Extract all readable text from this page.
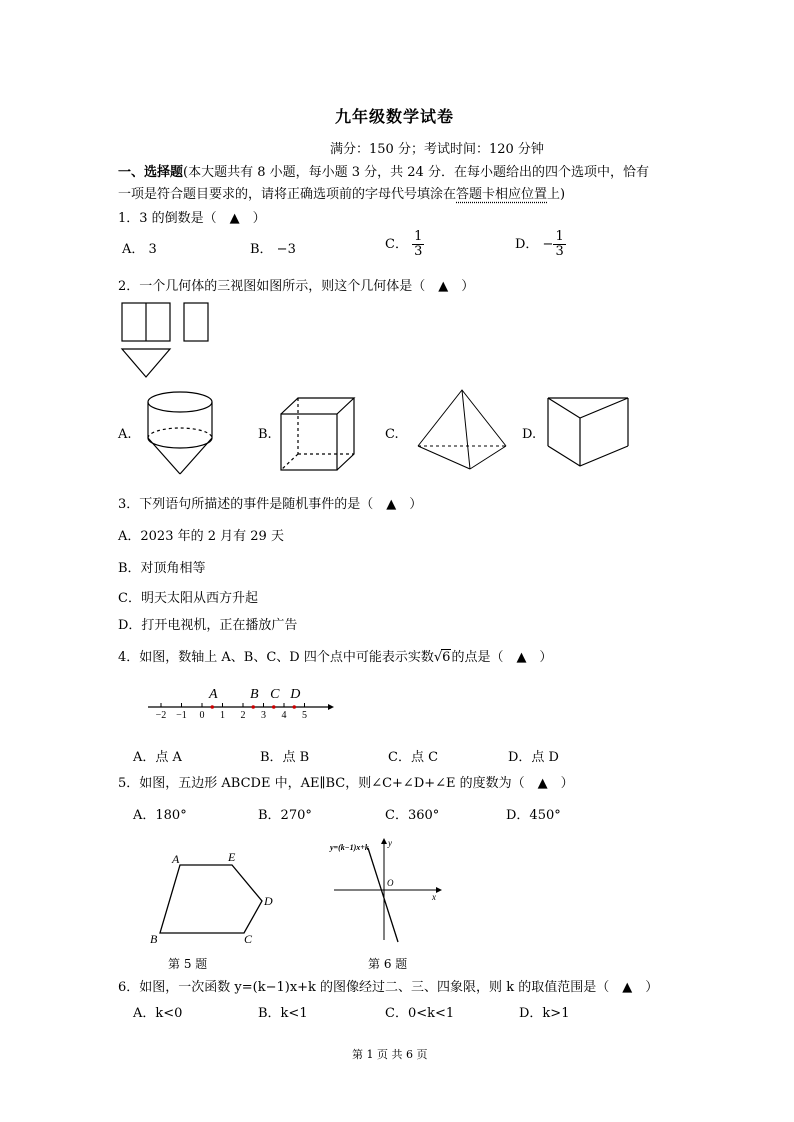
九年级数学试卷
满分：150 分；考试时间：120 分钟
一、选择题(本大题共有 8 小题，每小题 3 分，共 24 分．在每小题给出的四个选项中，恰有
一项是符合题目要求的，请将正确选项前的字母代号填涂在答题卡相应位置上)
1．3 的倒数是（　▲　）
A． 3	B． −3	C． $\frac{1}{3}$	D． − $\frac{1}{3}$
2．一个几何体的三视图如图所示，则这个几何体是（　▲　）
A.	B.	C.	D.
3．下列语句所描述的事件是随机事件的是（　▲　）
A．2023 年的 2 月有 29 天
B．对顶角相等
C．明天太阳从西方升起
D．打开电视机，正在播放广告
4．如图，数轴上 A、B、C、D 四个点中可能表示实数√6的点是（　▲　）
−2 −1 0 1 2 3 4 5
A B C D
A．点 A	B．点 B	C．点 C	D．点 D
5．如图，五边形 ABCDE 中，AE∥BC，则∠C+∠D+∠E 的度数为（　▲　）
A．180°	B．270°	C．360°	D．450°
A	E
D
B	C
第 5 题
y=(k−1)x+k y
x
O
第 6 题
6．如图，一次函数 y=(k−1)x+k 的图像经过二、三、四象限，则 k 的取值范围是（　▲　）
A．k<0	B．k<1	C．0<k<1	D．k>1
第 1 页 共 6 页
